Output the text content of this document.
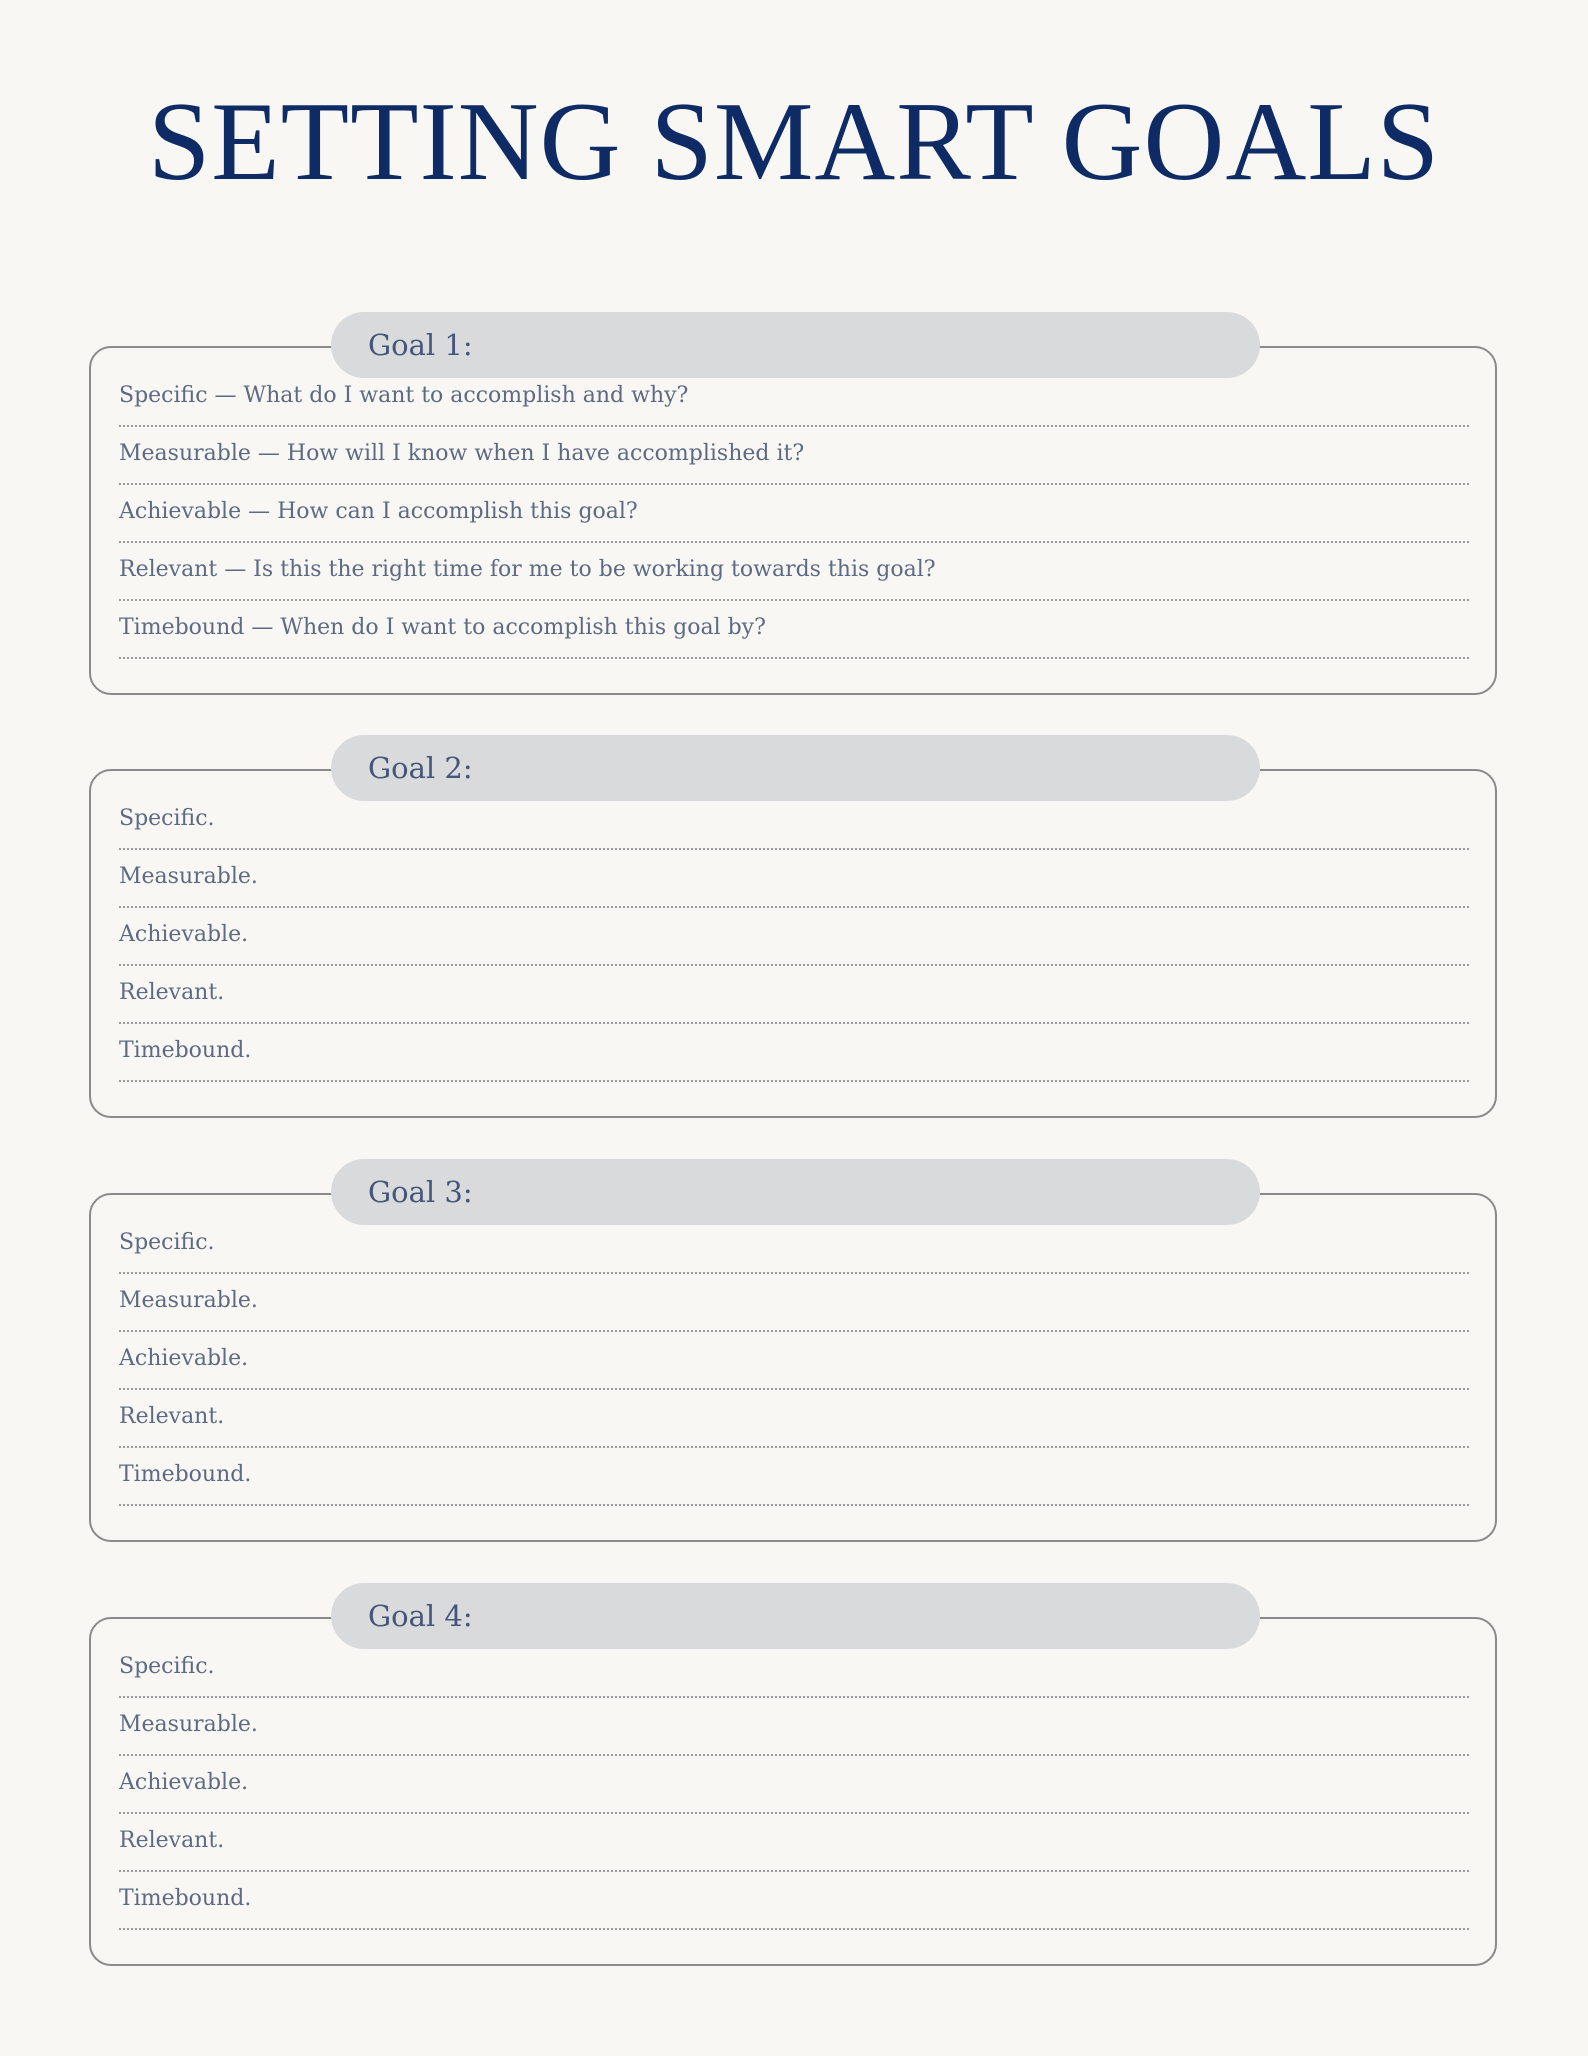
SETTING SMART GOALS
Goal 1:
Specific — What do I want to accomplish and why?
Measurable — How will I know when I have accomplished it?
Achievable — How can I accomplish this goal?
Relevant — Is this the right time for me to be working towards this goal?
Timebound — When do I want to accomplish this goal by?
Goal 2:
Specific.
Measurable.
Achievable.
Relevant.
Timebound.
Goal 3:
Specific.
Measurable.
Achievable.
Relevant.
Timebound.
Goal 4:
Specific.
Measurable.
Achievable.
Relevant.
Timebound.
